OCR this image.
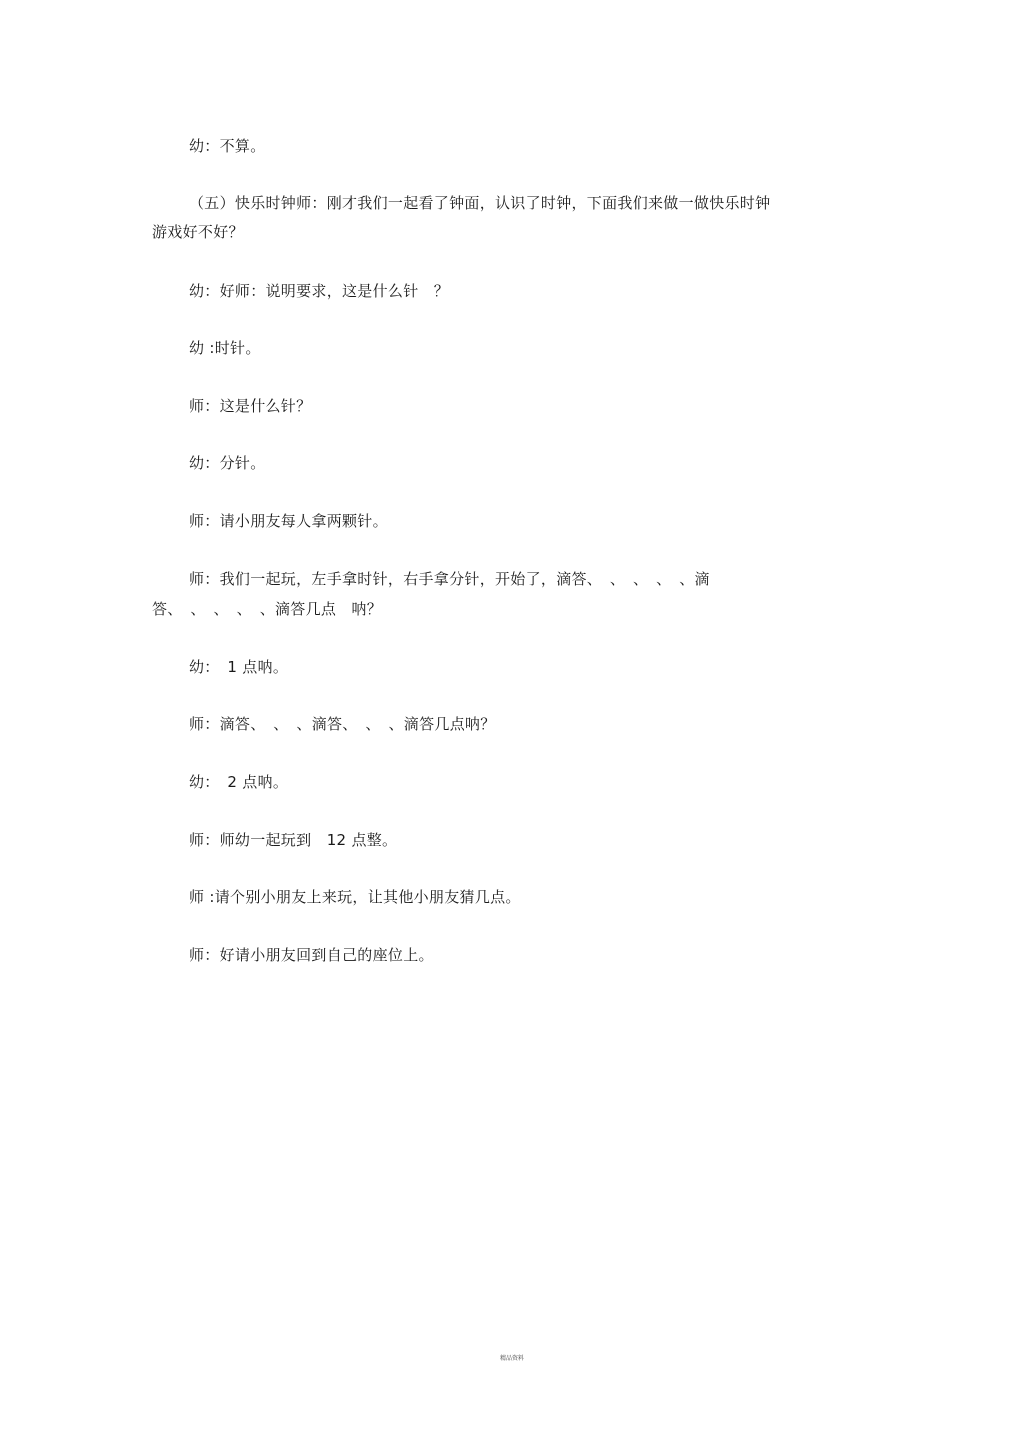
幼：不算。
（五）快乐时钟师：刚才我们一起看了钟面，认识了时钟，下面我们来做一做快乐时钟
游戏好不好？
幼：好师：说明要求，这是什么针　？
幼 :时针。
师：这是什么针？
幼：分针。
师：请小朋友每人拿两颗针。
师：我们一起玩，左手拿时针，右手拿分针，开始了，滴答、　、　、　、　、滴
答、　、　、　、　、滴答几点　呐？
幼：　1 点呐。
师：滴答、　、　、滴答、　、　、滴答几点呐？
幼：　2 点呐。
师：师幼一起玩到　12 点整。
师 :请个别小朋友上来玩，让其他小朋友猜几点。
师：好请小朋友回到自己的座位上。
精品资料
